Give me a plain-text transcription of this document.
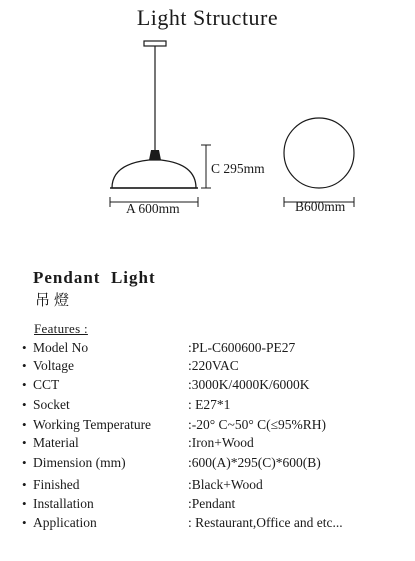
Light Structure
C 295mm
A 600mm	B600mm
Pendant  Light
吊燈
Features :
• Model No	:PL-C600600-PE27
• Voltage	:220VAC
• CCT	:3000K/4000K/6000K
• Socket	: E27*1
• Working Temperature	:-20° C~50° C(≤95%RH)
• Material	:Iron+Wood
• Dimension (mm)	:600(A)*295(C)*600(B)
• Finished	:Black+Wood
• Installation	:Pendant
• Application	: Restaurant,Office and etc...
